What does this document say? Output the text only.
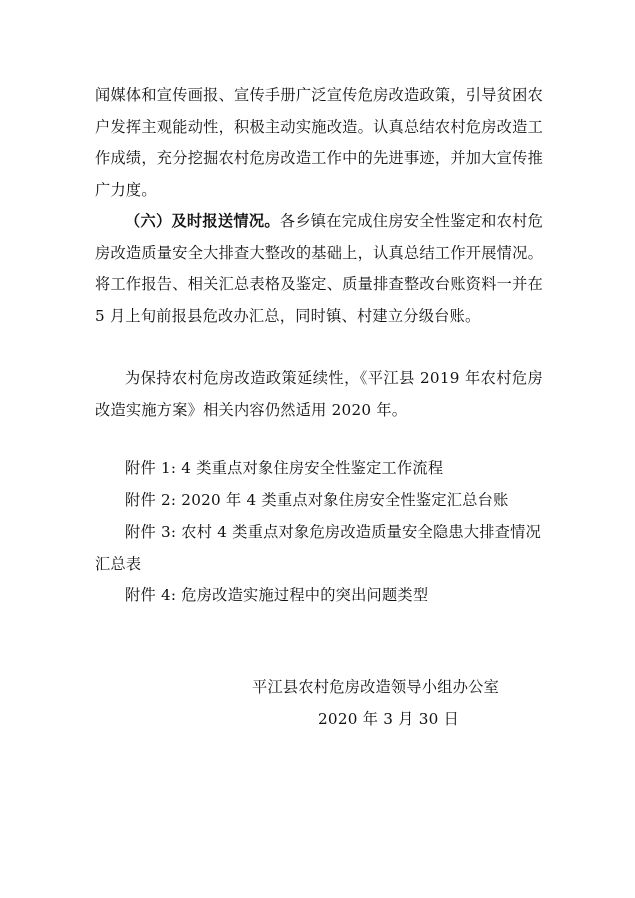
闻媒体和宣传画报、宣传手册广泛宣传危房改造政策，引导贫困农户发挥主观能动性，积极主动实施改造。认真总结农村危房改造工作成绩，充分挖掘农村危房改造工作中的先进事迹，并加大宣传推广力度。

（六）及时报送情况。各乡镇在完成住房安全性鉴定和农村危房改造质量安全大排查大整改的基础上，认真总结工作开展情况。将工作报告、相关汇总表格及鉴定、质量排查整改台账资料一并在 5 月上旬前报县危改办汇总，同时镇、村建立分级台账。

为保持农村危房改造政策延续性，《平江县 2019 年农村危房改造实施方案》相关内容仍然适用 2020 年。

附件 1: 4 类重点对象住房安全性鉴定工作流程

附件 2: 2020 年 4 类重点对象住房安全性鉴定汇总台账

附件 3: 农村 4 类重点对象危房改造质量安全隐患大排查情况汇总表

附件 4: 危房改造实施过程中的突出问题类型

平江县农村危房改造领导小组办公室
2020 年 3 月 30 日
